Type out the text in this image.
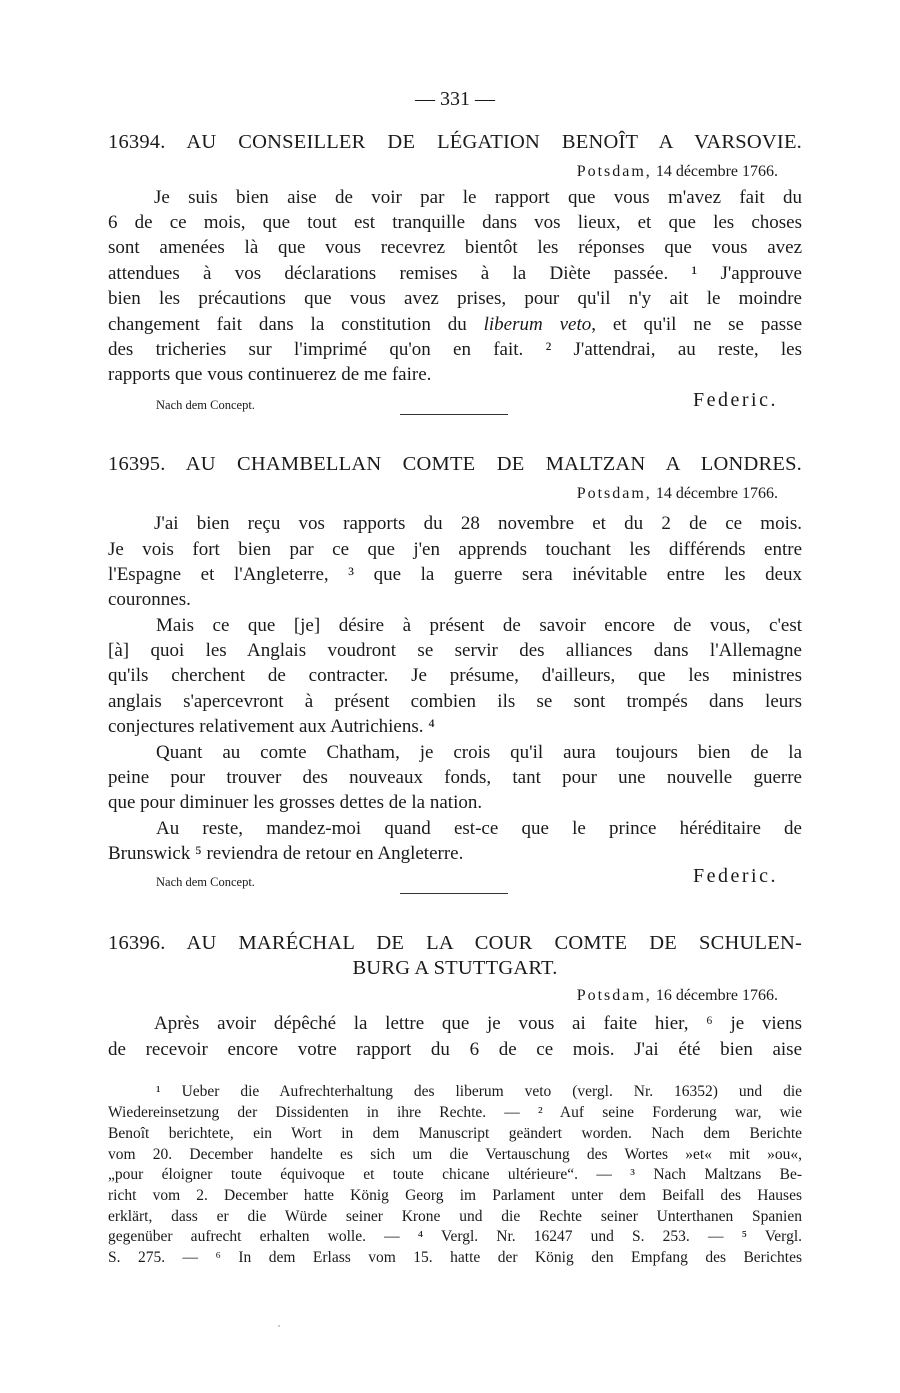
— 331 —
16394. AU CONSEILLER DE LÉGATION BENOÎT A VARSOVIE.
Potsdam, 14 décembre 1766.
Je suis bien aise de voir par le rapport que vous m'avez fait du
6 de ce mois, que tout est tranquille dans vos lieux, et que les choses
sont amenées là que vous recevrez bientôt les réponses que vous avez
attendues à vos déclarations remises à la Diète passée. ¹ J'approuve
bien les précautions que vous avez prises, pour qu'il n'y ait le moindre
changement fait dans la constitution du liberum veto, et qu'il ne se passe
des tricheries sur l'imprimé qu'on en fait. ² J'attendrai, au reste, les
rapports que vous continuerez de me faire.
Nach dem Concept.	Federic.
16395. AU CHAMBELLAN COMTE DE MALTZAN A LONDRES.
Potsdam, 14 décembre 1766.
J'ai bien reçu vos rapports du 28 novembre et du 2 de ce mois.
Je vois fort bien par ce que j'en apprends touchant les différends entre
l'Espagne et l'Angleterre, ³ que la guerre sera inévitable entre les deux
couronnes.
Mais ce que [je] désire à présent de savoir encore de vous, c'est
[à] quoi les Anglais voudront se servir des alliances dans l'Allemagne
qu'ils cherchent de contracter. Je présume, d'ailleurs, que les ministres
anglais s'apercevront à présent combien ils se sont trompés dans leurs
conjectures relativement aux Autrichiens. ⁴
Quant au comte Chatham, je crois qu'il aura toujours bien de la
peine pour trouver des nouveaux fonds, tant pour une nouvelle guerre
que pour diminuer les grosses dettes de la nation.
Au reste, mandez-moi quand est-ce que le prince héréditaire de
Brunswick ⁵ reviendra de retour en Angleterre.
Nach dem Concept.	Federic.
16396. AU MARÉCHAL DE LA COUR COMTE DE SCHULEN-
BURG A STUTTGART.
Potsdam, 16 décembre 1766.
Après avoir dépêché la lettre que je vous ai faite hier, ⁶ je viens
de recevoir encore votre rapport du 6 de ce mois. J'ai été bien aise
¹ Ueber die Aufrechterhaltung des liberum veto (vergl. Nr. 16352) und die
Wiedereinsetzung der Dissidenten in ihre Rechte. — ² Auf seine Forderung war, wie
Benoît berichtete, ein Wort in dem Manuscript geändert worden. Nach dem Berichte
vom 20. December handelte es sich um die Vertauschung des Wortes »et« mit »ou«,
„pour éloigner toute équivoque et toute chicane ultérieure“. — ³ Nach Maltzans Be-
richt vom 2. December hatte König Georg im Parlament unter dem Beifall des Hauses
erklärt, dass er die Würde seiner Krone und die Rechte seiner Unterthanen Spanien
gegenüber aufrecht erhalten wolle. — ⁴ Vergl. Nr. 16247 und S. 253. — ⁵ Vergl.
S. 275. — ⁶ In dem Erlass vom 15. hatte der König den Empfang des Berichtes
